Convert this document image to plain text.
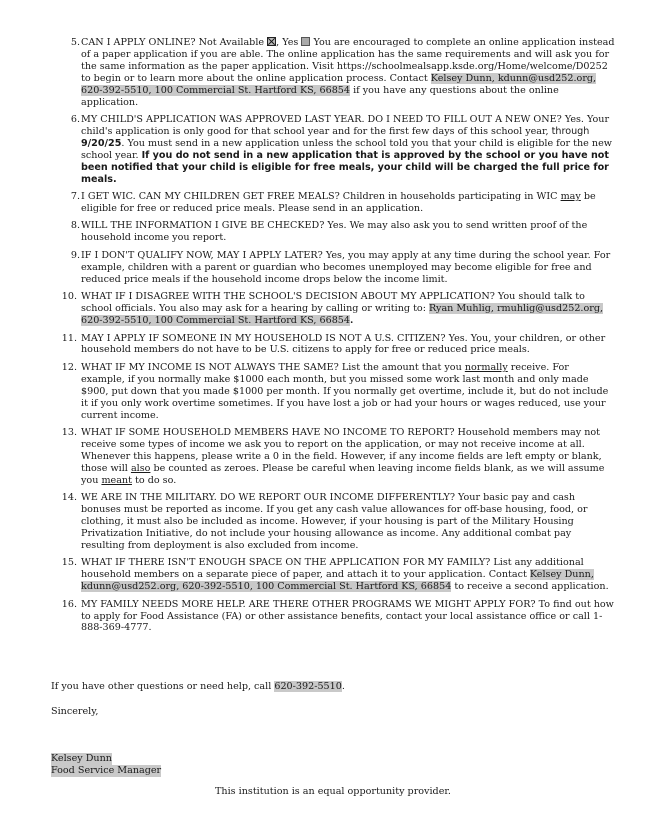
5. CAN I APPLY ONLINE? Not Available , Yes  You are encouraged to complete an online application instead of a paper application if you are able. The online application has the same requirements and will ask you for the same information as the paper application. Visit https://schoolmealsapp.ksde.org/Home/welcome/D0252 to begin or to learn more about the online application process. Contact Kelsey Dunn, kdunn@usd252.org, 620-392-5510, 100 Commercial St. Hartford KS, 66854 if you have any questions about the online application.
6. MY CHILD'S APPLICATION WAS APPROVED LAST YEAR. DO I NEED TO FILL OUT A NEW ONE? Yes. Your child's application is only good for that school year and for the first few days of this school year, through 9/20/25. You must send in a new application unless the school told you that your child is eligible for the new school year. If you do not send in a new application that is approved by the school or you have not been notified that your child is eligible for free meals, your child will be charged the full price for meals.
7. I GET WIC. CAN MY CHILDREN GET FREE MEALS? Children in households participating in WIC may be eligible for free or reduced price meals. Please send in an application.
8. WILL THE INFORMATION I GIVE BE CHECKED? Yes. We may also ask you to send written proof of the household income you report.
9. IF I DON'T QUALIFY NOW, MAY I APPLY LATER? Yes, you may apply at any time during the school year. For example, children with a parent or guardian who becomes unemployed may become eligible for free and reduced price meals if the household income drops below the income limit.
10. WHAT IF I DISAGREE WITH THE SCHOOL'S DECISION ABOUT MY APPLICATION? You should talk to school officials. You also may ask for a hearing by calling or writing to: Ryan Muhlig, rmuhlig@usd252.org, 620-392-5510, 100 Commercial St. Hartford KS, 66854.
11. MAY I APPLY IF SOMEONE IN MY HOUSEHOLD IS NOT A U.S. CITIZEN? Yes. You, your children, or other household members do not have to be U.S. citizens to apply for free or reduced price meals.
12. WHAT IF MY INCOME IS NOT ALWAYS THE SAME? List the amount that you normally receive. For example, if you normally make $1000 each month, but you missed some work last month and only made $900, put down that you made $1000 per month. If you normally get overtime, include it, but do not include it if you only work overtime sometimes. If you have lost a job or had your hours or wages reduced, use your current income.
13. WHAT IF SOME HOUSEHOLD MEMBERS HAVE NO INCOME TO REPORT? Household members may not receive some types of income we ask you to report on the application, or may not receive income at all. Whenever this happens, please write a 0 in the field. However, if any income fields are left empty or blank, those will also be counted as zeroes. Please be careful when leaving income fields blank, as we will assume you meant to do so.
14. WE ARE IN THE MILITARY. DO WE REPORT OUR INCOME DIFFERENTLY? Your basic pay and cash bonuses must be reported as income. If you get any cash value allowances for off-base housing, food, or clothing, it must also be included as income. However, if your housing is part of the Military Housing Privatization Initiative, do not include your housing allowance as income. Any additional combat pay resulting from deployment is also excluded from income.
15. WHAT IF THERE ISN'T ENOUGH SPACE ON THE APPLICATION FOR MY FAMILY? List any additional household members on a separate piece of paper, and attach it to your application. Contact Kelsey Dunn, kdunn@usd252.org, 620-392-5510, 100 Commercial St. Hartford KS, 66854 to receive a second application.
16. MY FAMILY NEEDS MORE HELP. ARE THERE OTHER PROGRAMS WE MIGHT APPLY FOR? To find out how to apply for Food Assistance (FA) or other assistance benefits, contact your local assistance office or call 1-888-369-4777.
If you have other questions or need help, call 620-392-5510.
Sincerely,
Kelsey Dunn
Food Service Manager
This institution is an equal opportunity provider.
